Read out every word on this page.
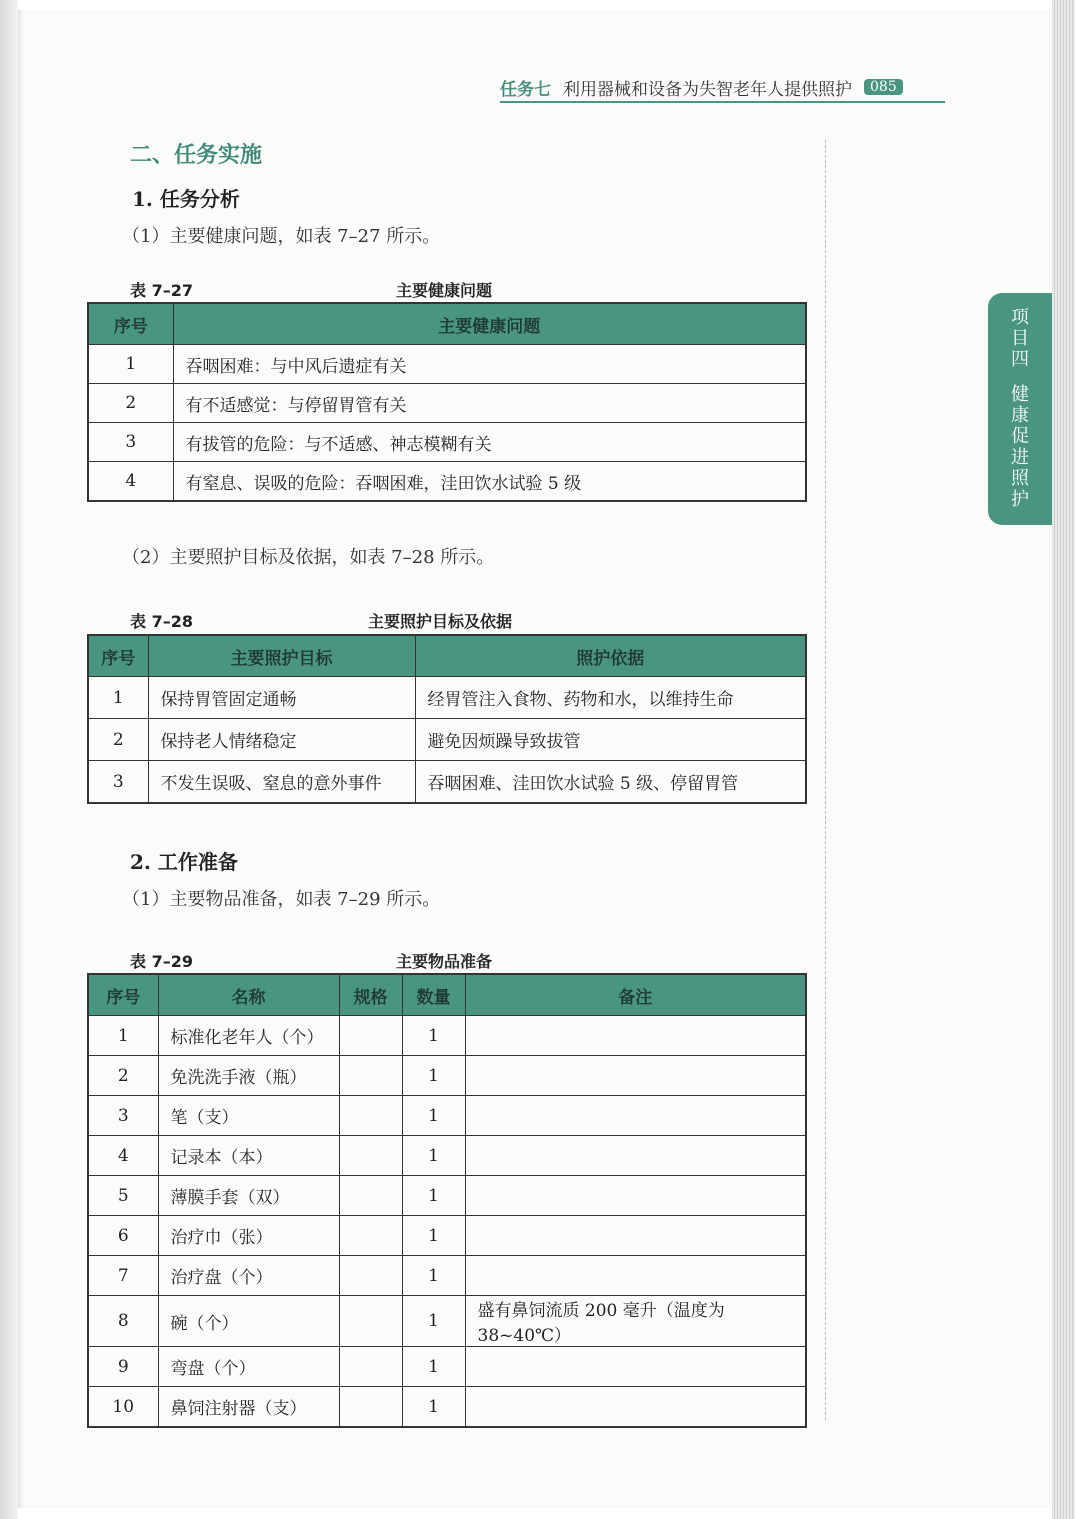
任务七 利用器械和设备为失智老年人提供照护	085
项
目
四
健
康
促
进
照
护
二、任务实施
1. 任务分析
（1）主要健康问题，如表 7–27 所示。
表 7–27	主要健康问题
序号	主要健康问题
1	吞咽困难：与中风后遗症有关
2	有不适感觉：与停留胃管有关
3	有拔管的危险：与不适感、神志模糊有关
4	有窒息、误吸的危险：吞咽困难，洼田饮水试验 5 级
（2）主要照护目标及依据，如表 7–28 所示。
表 7–28	主要照护目标及依据
序号	主要照护目标	照护依据
1	保持胃管固定通畅	经胃管注入食物、药物和水，以维持生命
2	保持老人情绪稳定	避免因烦躁导致拔管
3	不发生误吸、窒息的意外事件	吞咽困难、洼田饮水试验 5 级、停留胃管
2. 工作准备
（1）主要物品准备，如表 7–29 所示。
表 7–29	主要物品准备
序号	名称	规格	数量	备注
1	标准化老年人（个）		1	
2	免洗洗手液（瓶）		1	
3	笔（支）		1	
4	记录本（本）		1	
5	薄膜手套（双）		1	
6	治疗巾（张）		1	
7	治疗盘（个）		1	
8	碗（个）		1	盛有鼻饲流质 200 毫升（温度为 38~40℃）
9	弯盘（个）		1	
10	鼻饲注射器（支）		1	
